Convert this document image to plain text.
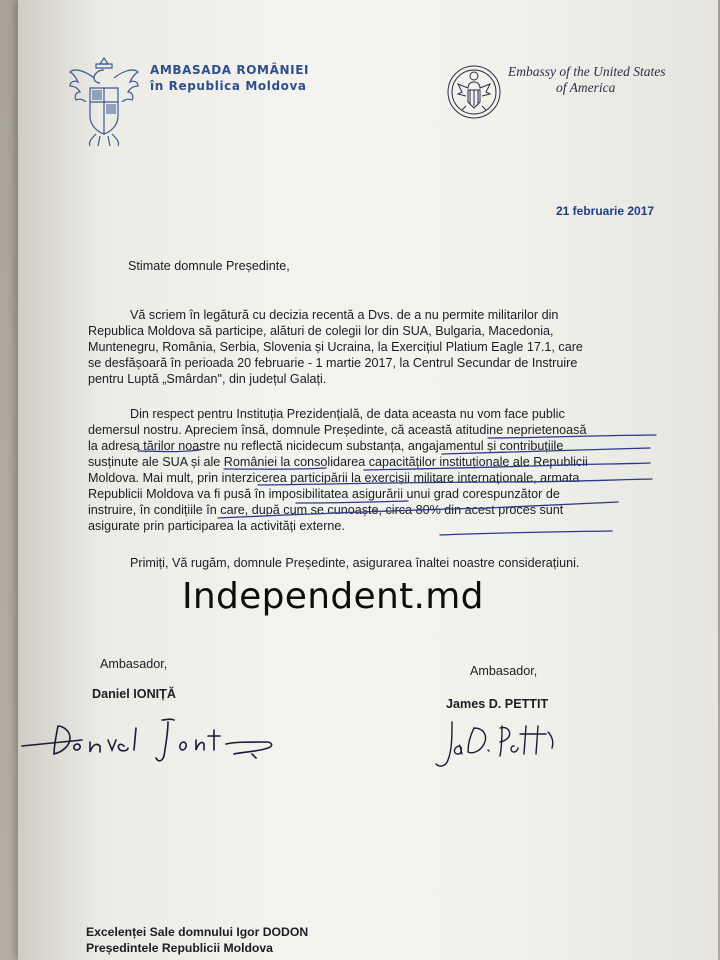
AMBASADA ROMÂNIEI
în Republica Moldova
Embassy of the United States
of America
21 februarie 2017
Stimate domnule Președinte,
Vă scriem în legătură cu decizia recentă a Dvs. de a nu permite militarilor din
Republica Moldova să participe, alături de colegii lor din SUA, Bulgaria, Macedonia,
Muntenegru, România, Serbia, Slovenia și Ucraina, la Exercițiul Platium Eagle 17.1, care
se desfășoară în perioada 20 februarie - 1 martie 2017, la Centrul Secundar de Instruire
pentru Luptă „Smârdan", din județul Galați.
Din respect pentru Instituția Prezidențială, de data aceasta nu vom face public
demersul nostru. Apreciem însă, domnule Președinte, că această atitudine neprietenoasă
la adresa țărilor noastre nu reflectă nicidecum substanța, angajamentul și contribuțiile
susținute ale SUA și ale României la consolidarea capacităților instituționale ale Republicii
Moldova. Mai mult, prin interzicerea participării la exercișii militare internaționale, armata
Republicii Moldova va fi pusă în imposibilitatea asigurării unui grad corespunzător de
instruire, în condițiile în care, după cum se cunoaște, circa 80% din acest proces sunt
asigurate prin participarea la activități externe.
Primiți, Vă rugăm, domnule Președinte, asigurarea înaltei noastre considerațiuni.
Independent.md
Ambasador,
Daniel IONIȚĂ
Ambasador,
James D. PETTIT
Excelenței Sale domnului Igor DODON
Președintele Republicii Moldova
